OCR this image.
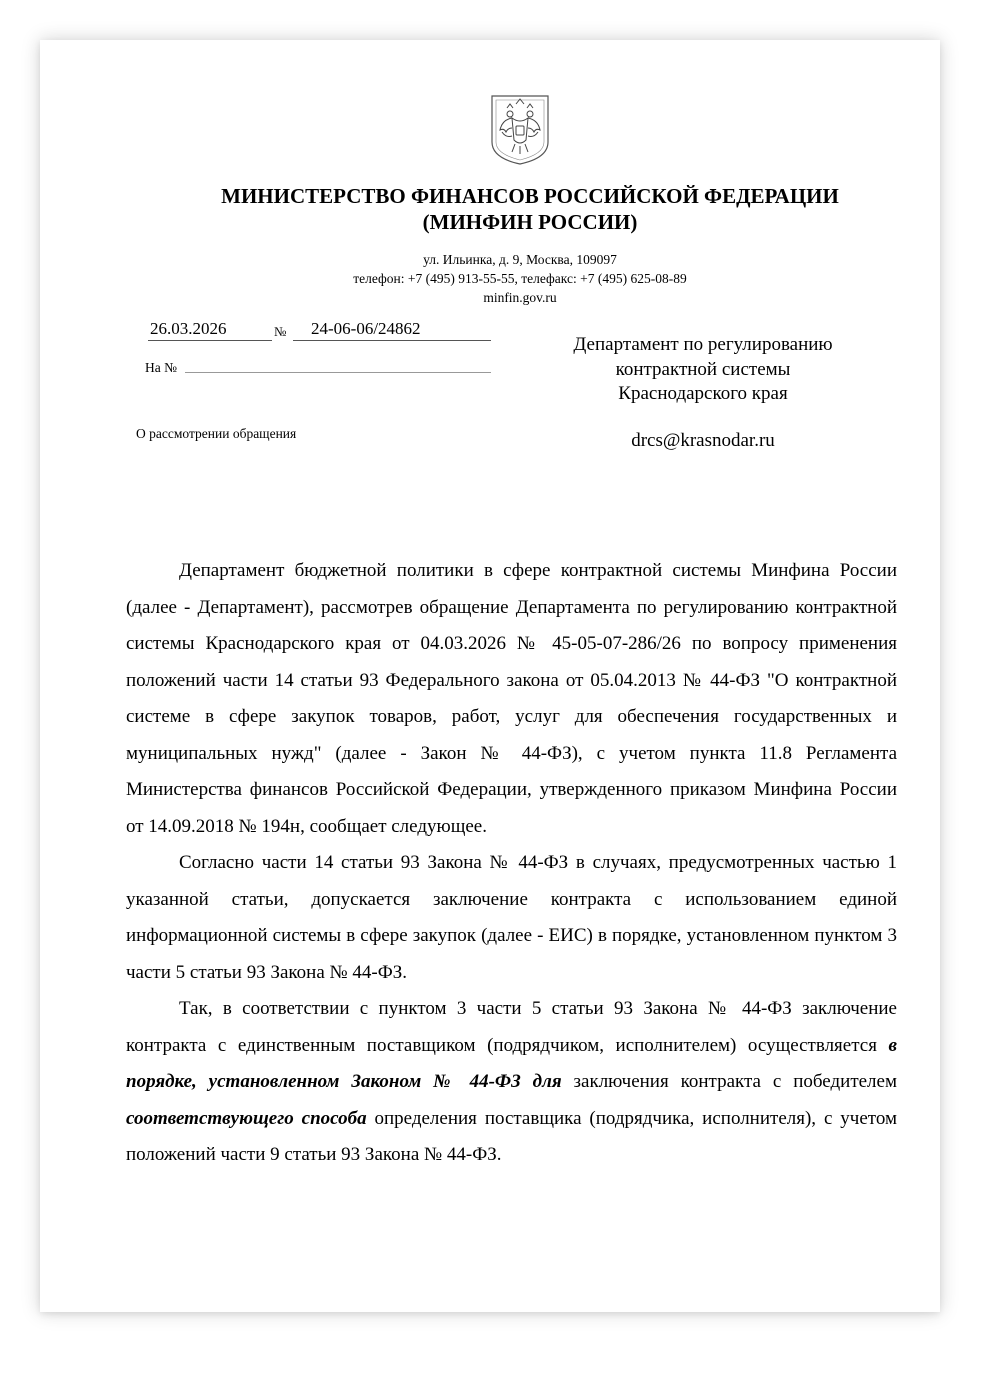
МИНИСТЕРСТВО ФИНАНСОВ РОССИЙСКОЙ ФЕДЕРАЦИИ
(МИНФИН РОССИИ)
ул. Ильинка, д. 9, Москва, 109097
телефон: +7 (495) 913-55-55, телефакс: +7 (495) 625-08-89
minfin.gov.ru
26.03.2026	№	24-06-06/24862
На №
О рассмотрении обращения
Департамент по регулированию
контрактной системы
Краснодарского края
drcs@krasnodar.ru

Департамент бюджетной политики в сфере контрактной системы Минфина России (далее - Департамент), рассмотрев обращение Департамента по регулированию контрактной системы Краснодарского края от 04.03.2026 № 45-05-07-286/26 по вопросу применения положений части 14 статьи 93 Федерального закона от 05.04.2013 № 44-ФЗ "О контрактной системе в сфере закупок товаров, работ, услуг для обеспечения государственных и муниципальных нужд" (далее - Закон № 44-ФЗ), с учетом пункта 11.8 Регламента Министерства финансов Российской Федерации, утвержденного приказом Минфина России от 14.09.2018 № 194н, сообщает следующее.

Согласно части 14 статьи 93 Закона № 44-ФЗ в случаях, предусмотренных частью 1 указанной статьи, допускается заключение контракта с использованием единой информационной системы в сфере закупок (далее - ЕИС) в порядке, установленном пунктом 3 части 5 статьи 93 Закона № 44-ФЗ.

Так, в соответствии с пунктом 3 части 5 статьи 93 Закона № 44-ФЗ заключение контракта с единственным поставщиком (подрядчиком, исполнителем) осуществляется в порядке, установленном Законом № 44-ФЗ для заключения контракта с победителем соответствующего способа определения поставщика (подрядчика, исполнителя), с учетом положений части 9 статьи 93 Закона № 44-ФЗ.
